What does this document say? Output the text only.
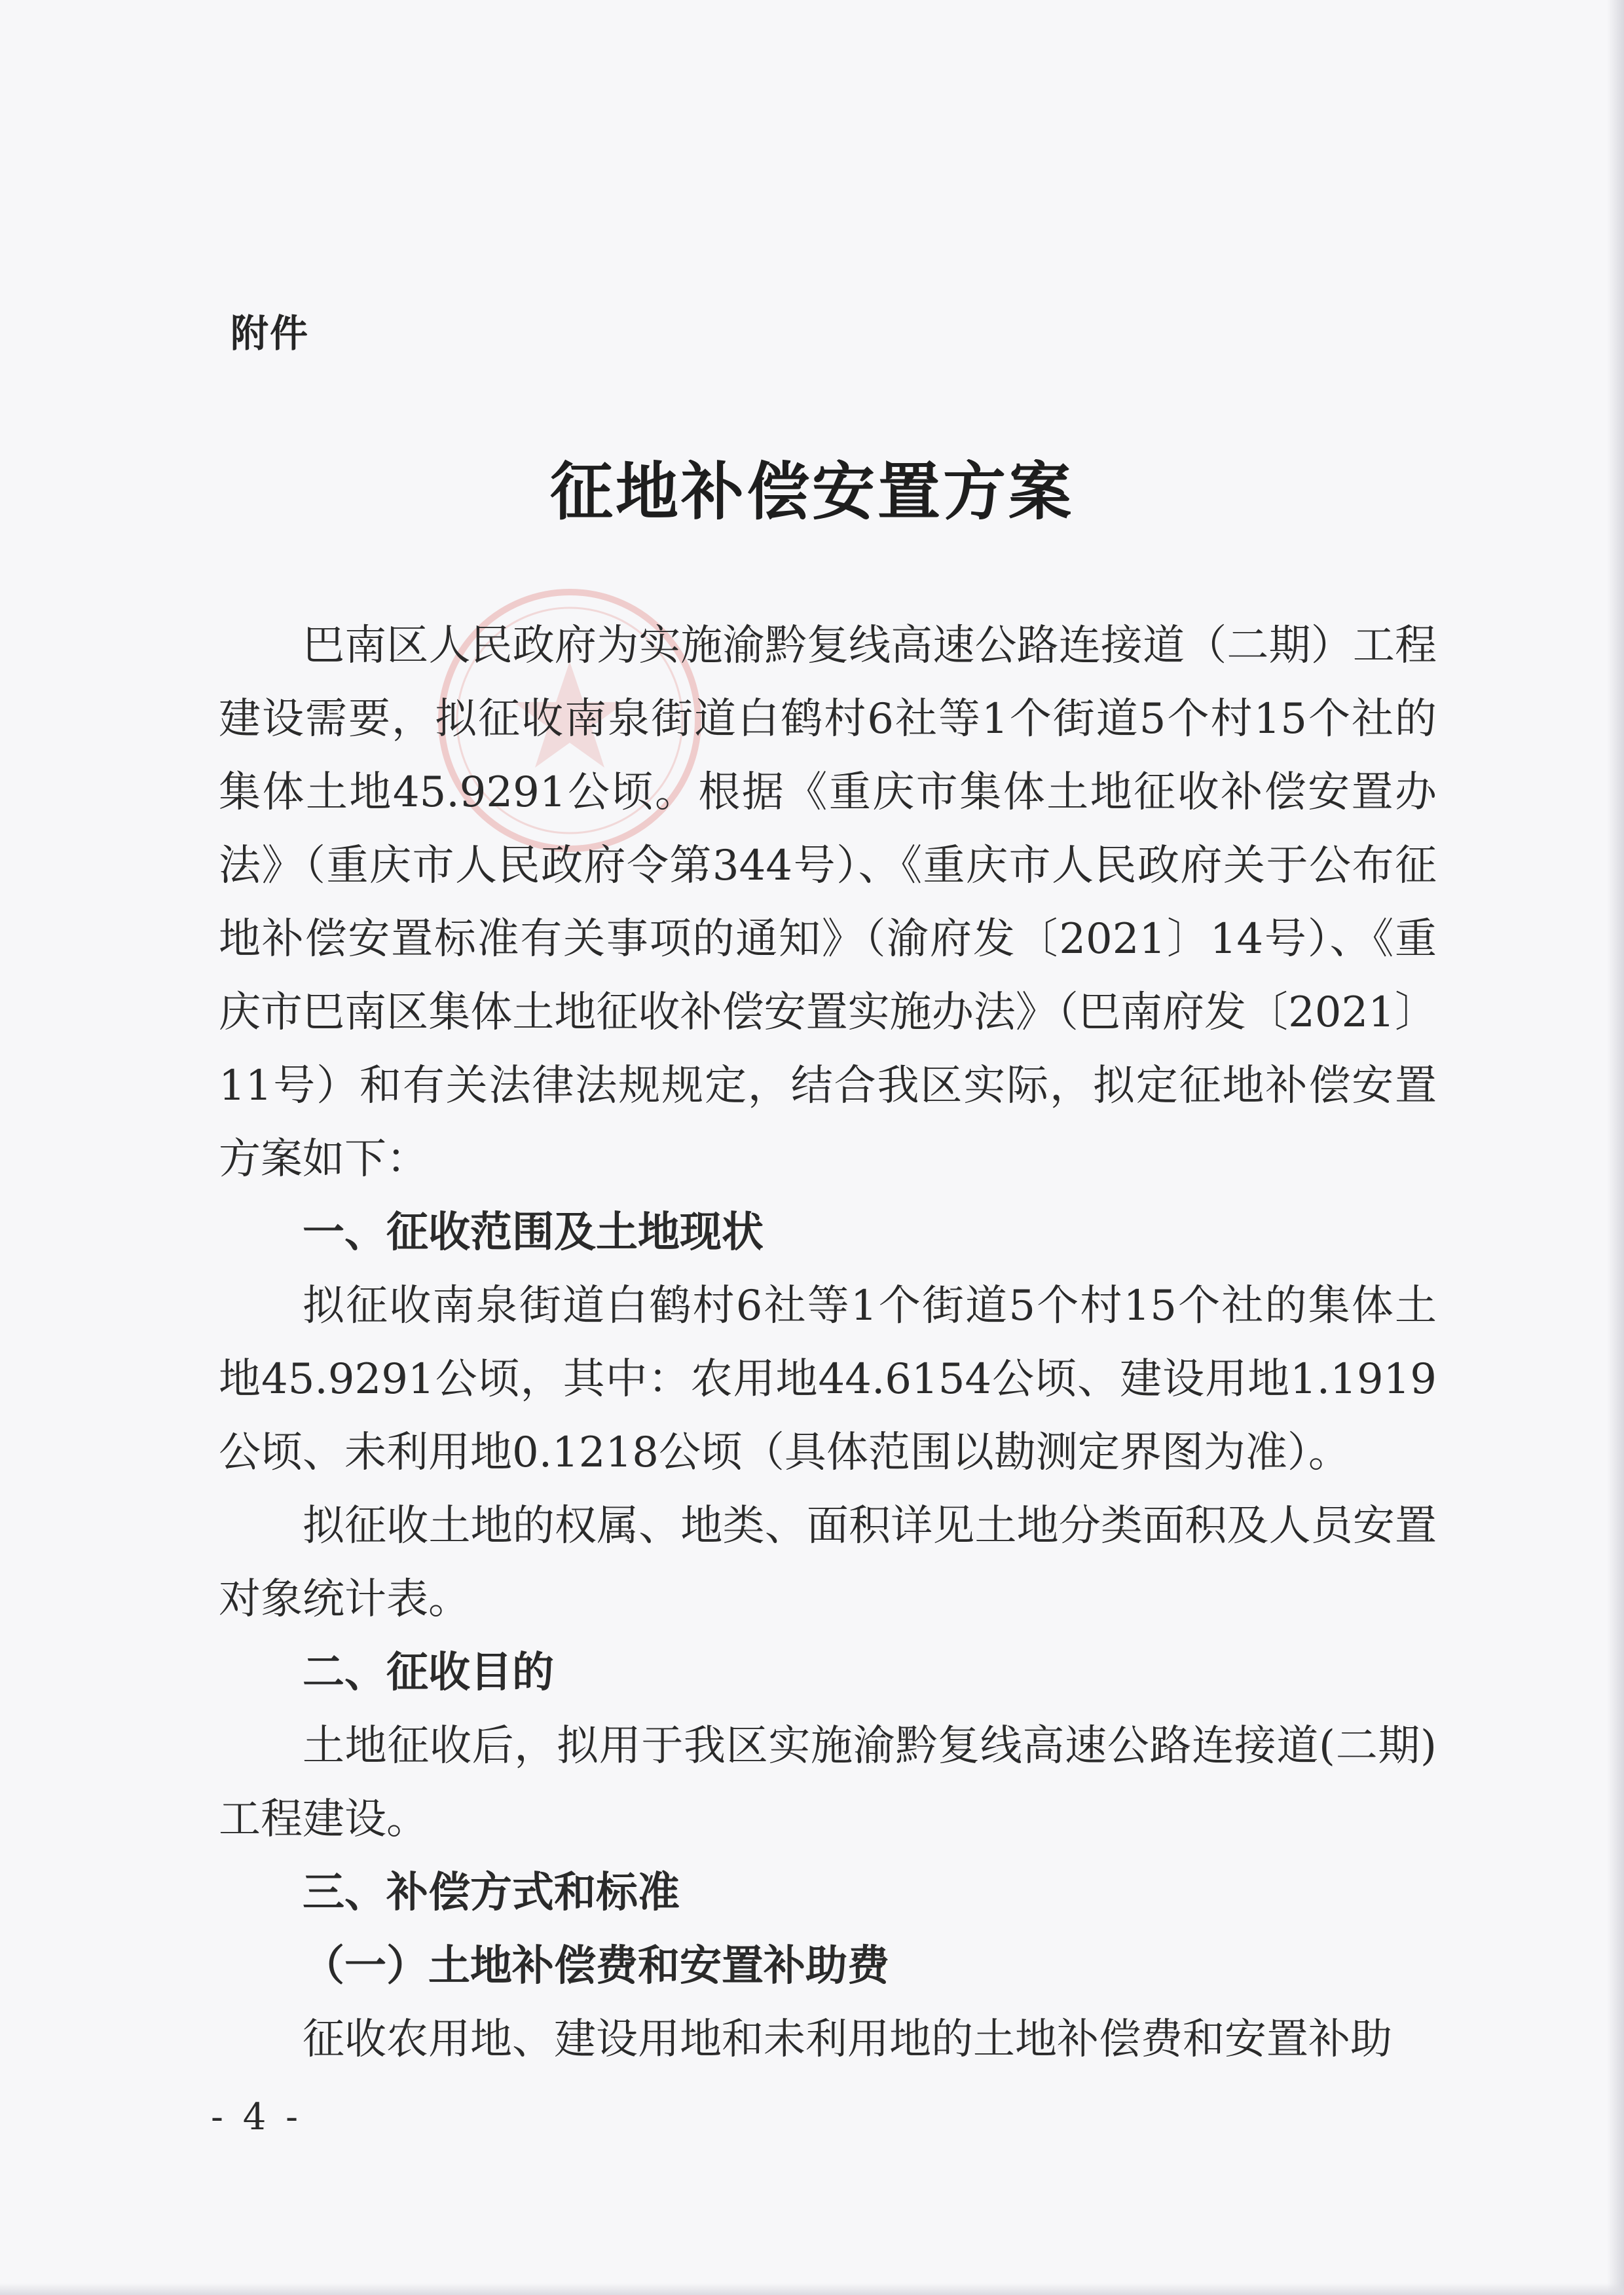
附件
征地补偿安置方案

巴南区人民政府为实施渝黔复线高速公路连接道（二期）工程建设需要，拟征收南泉街道白鹤村6社等1个街道5个村15个社的集体土地45.9291公顷。根据《重庆市集体土地征收补偿安置办法》（重庆市人民政府令第344号）、《重庆市人民政府关于公布征地补偿安置标准有关事项的通知》（渝府发〔2021〕14号）、《重庆市巴南区集体土地征收补偿安置实施办法》（巴南府发〔2021〕11号）和有关法律法规规定，结合我区实际，拟定征地补偿安置方案如下：

一、征收范围及土地现状

拟征收南泉街道白鹤村6社等1个街道5个村15个社的集体土地45.9291公顷，其中：农用地44.6154公顷、建设用地1.1919公顷、未利用地0.1218公顷（具体范围以勘测定界图为准）。

拟征收土地的权属、地类、面积详见土地分类面积及人员安置对象统计表。

二、征收目的

土地征收后，拟用于我区实施渝黔复线高速公路连接道(二期)工程建设。

三、补偿方式和标准

（一）土地补偿费和安置补助费

征收农用地、建设用地和未利用地的土地补偿费和安置补助

- 4 -
